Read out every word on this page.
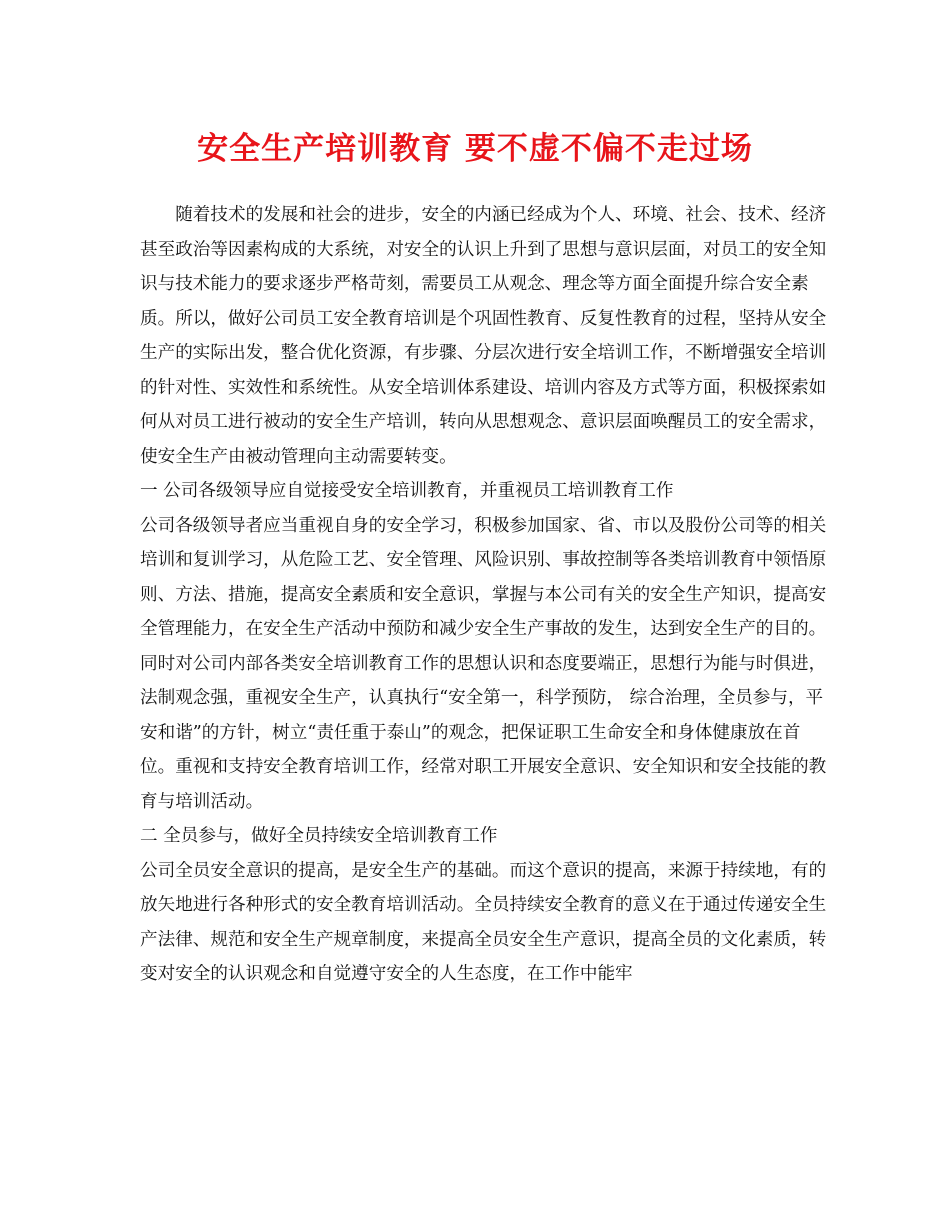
安全生产培训教育 要不虚不偏不走过场

随着技术的发展和社会的进步，安全的内涵已经成为个人、环境、社会、技术、经济甚至政治等因素构成的大系统，对安全的认识上升到了思想与意识层面，对员工的安全知识与技术能力的要求逐步严格苛刻，需要员工从观念、理念等方面全面提升综合安全素质。所以，做好公司员工安全教育培训是个巩固性教育、反复性教育的过程，坚持从安全生产的实际出发，整合优化资源，有步骤、分层次进行安全培训工作，不断增强安全培训的针对性、实效性和系统性。从安全培训体系建设、培训内容及方式等方面，积极探索如何从对员工进行被动的安全生产培训，转向从思想观念、意识层面唤醒员工的安全需求，使安全生产由被动管理向主动需要转变。

一 公司各级领导应自觉接受安全培训教育，并重视员工培训教育工作

公司各级领导者应当重视自身的安全学习，积极参加国家、省、市以及股份公司等的相关培训和复训学习，从危险工艺、安全管理、风险识别、事故控制等各类培训教育中领悟原则、方法、措施，提高安全素质和安全意识，掌握与本公司有关的安全生产知识，提高安全管理能力，在安全生产活动中预防和减少安全生产事故的发生，达到安全生产的目的。

同时对公司内部各类安全培训教育工作的思想认识和态度要端正，思想行为能与时俱进，法制观念强，重视安全生产，认真执行“安全第一，科学预防， 综合治理，全员参与，平安和谐”的方针，树立“责任重于泰山”的观念，把保证职工生命安全和身体健康放在首位。重视和支持安全教育培训工作，经常对职工开展安全意识、安全知识和安全技能的教育与培训活动。

二 全员参与，做好全员持续安全培训教育工作

公司全员安全意识的提高，是安全生产的基础。而这个意识的提高，来源于持续地，有的放矢地进行各种形式的安全教育培训活动。全员持续安全教育的意义在于通过传递安全生产法律、规范和安全生产规章制度，来提高全员安全生产意识，提高全员的文化素质，转变对安全的认识观念和自觉遵守安全的人生态度，在工作中能牢
